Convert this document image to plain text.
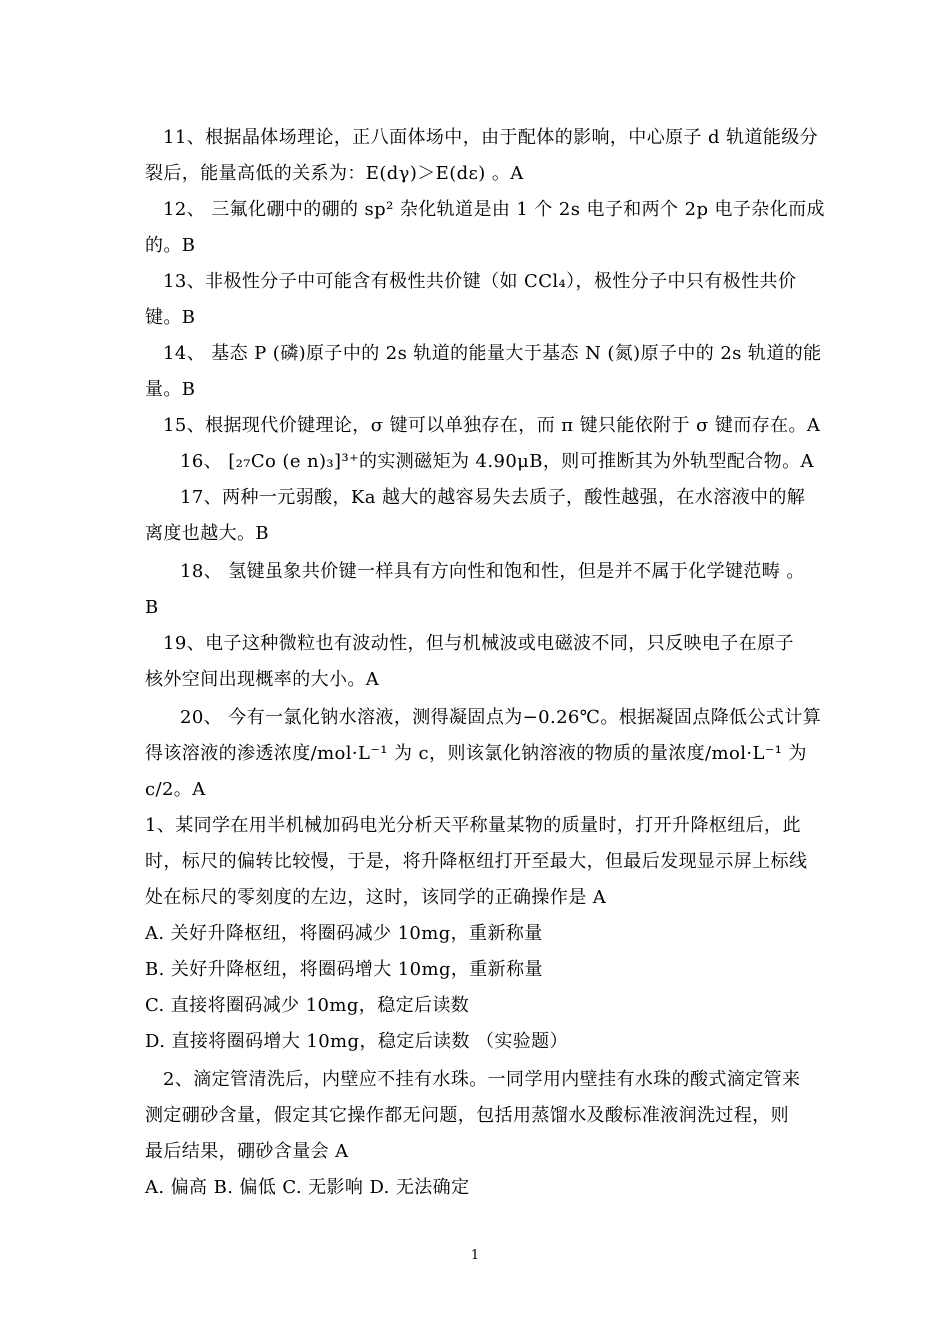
11、根据晶体场理论，正八面体场中，由于配体的影响，中心原子 d 轨道能级分
裂后，能量高低的关系为：E(dγ)＞E(dε) 。A
12、 三氟化硼中的硼的 sp² 杂化轨道是由 1 个 2s 电子和两个 2p 电子杂化而成
的。B
13、非极性分子中可能含有极性共价键（如 CCl₄），极性分子中只有极性共价
键。B
14、 基态 P (磷)原子中的 2s 轨道的能量大于基态 N (氮)原子中的 2s 轨道的能
量。B
15、根据现代价键理论，σ 键可以单独存在，而 π 键只能依附于 σ 键而存在。A
16、 [₂₇Co (e n)₃]³⁺的实测磁矩为 4.90μB，则可推断其为外轨型配合物。A
17、两种一元弱酸，Ka 越大的越容易失去质子，酸性越强，在水溶液中的解
离度也越大。B
18、 氢键虽象共价键一样具有方向性和饱和性，但是并不属于化学键范畴 。
B
19、电子这种微粒也有波动性，但与机械波或电磁波不同，只反映电子在原子
核外空间出现概率的大小。A
20、 今有一氯化钠水溶液，测得凝固点为−0.26℃。根据凝固点降低公式计算
得该溶液的渗透浓度/mol·L⁻¹ 为 c，则该氯化钠溶液的物质的量浓度/mol·L⁻¹ 为
c/2。A
1、某同学在用半机械加码电光分析天平称量某物的质量时，打开升降枢纽后，此
时，标尺的偏转比较慢，于是，将升降枢纽打开至最大，但最后发现显示屏上标线
处在标尺的零刻度的左边，这时，该同学的正确操作是 A
A. 关好升降枢纽，将圈码减少 10mg，重新称量
B. 关好升降枢纽，将圈码增大 10mg，重新称量
C. 直接将圈码减少 10mg，稳定后读数
D. 直接将圈码增大 10mg，稳定后读数 （实验题）
2、滴定管清洗后，内壁应不挂有水珠。一同学用内壁挂有水珠的酸式滴定管来
测定硼砂含量，假定其它操作都无问题，包括用蒸馏水及酸标准液润洗过程，则
最后结果，硼砂含量会 A
A. 偏高 B. 偏低 C. 无影响 D. 无法确定
1
